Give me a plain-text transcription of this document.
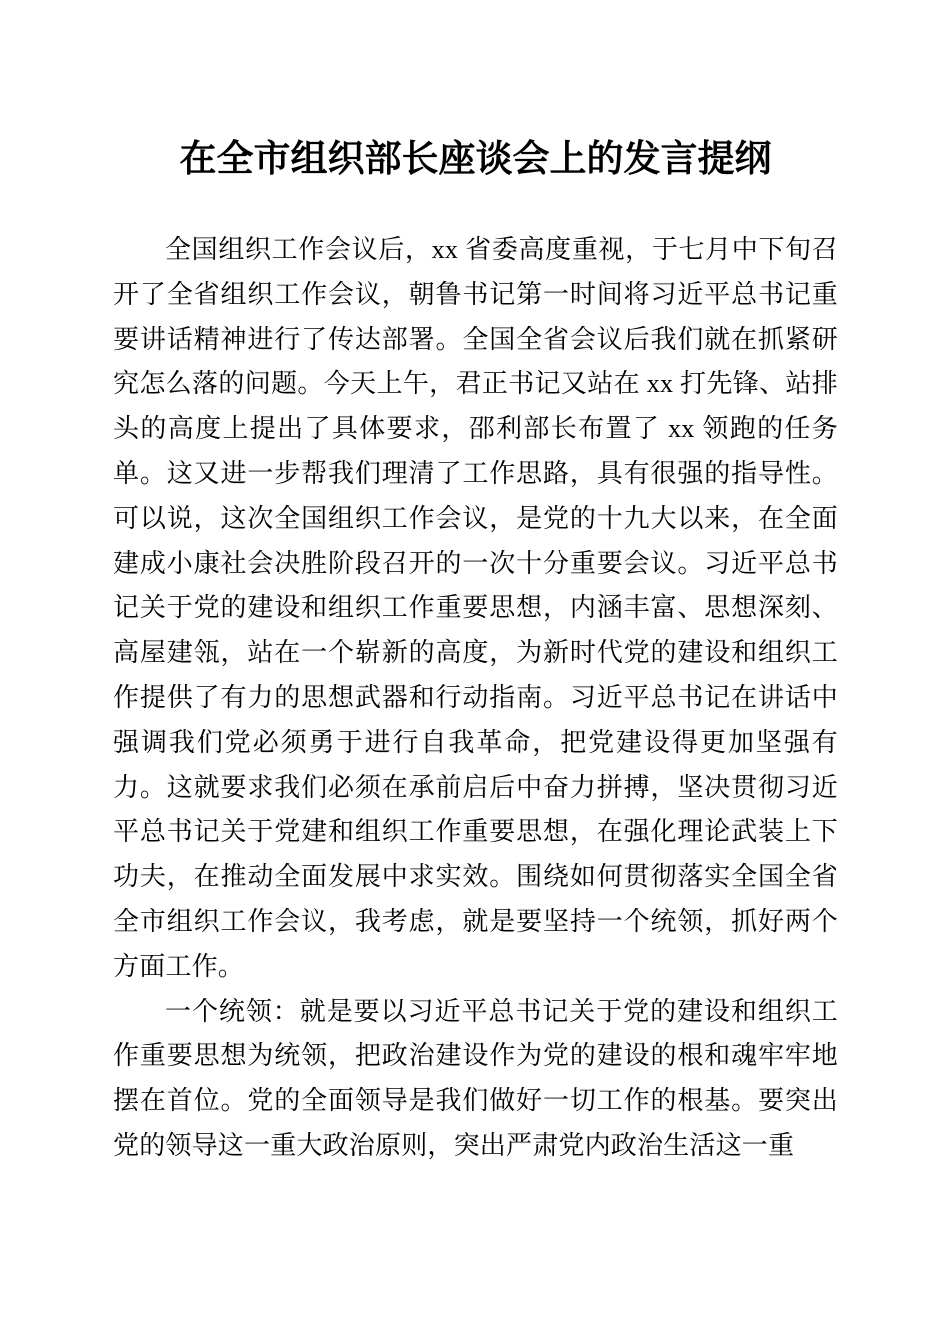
在全市组织部长座谈会上的发言提纲

全国组织工作会议后，xx 省委高度重视，于七月中下旬召开了全省组织工作会议，朝鲁书记第一时间将习近平总书记重要讲话精神进行了传达部署。全国全省会议后我们就在抓紧研究怎么落的问题。今天上午，君正书记又站在 xx 打先锋、站排头的高度上提出了具体要求，邵利部长布置了 xx 领跑的任务单。这又进一步帮我们理清了工作思路，具有很强的指导性。可以说，这次全国组织工作会议，是党的十九大以来，在全面建成小康社会决胜阶段召开的一次十分重要会议。习近平总书记关于党的建设和组织工作重要思想，内涵丰富、思想深刻、高屋建瓴，站在一个崭新的高度，为新时代党的建设和组织工作提供了有力的思想武器和行动指南。习近平总书记在讲话中强调我们党必须勇于进行自我革命，把党建设得更加坚强有力。这就要求我们必须在承前启后中奋力拼搏，坚决贯彻习近平总书记关于党建和组织工作重要思想，在强化理论武装上下功夫，在推动全面发展中求实效。围绕如何贯彻落实全国全省全市组织工作会议，我考虑，就是要坚持一个统领，抓好两个方面工作。

一个统领：就是要以习近平总书记关于党的建设和组织工作重要思想为统领，把政治建设作为党的建设的根和魂牢牢地摆在首位。党的全面领导是我们做好一切工作的根基。要突出党的领导这一重大政治原则，突出严肃党内政治生活这一重
